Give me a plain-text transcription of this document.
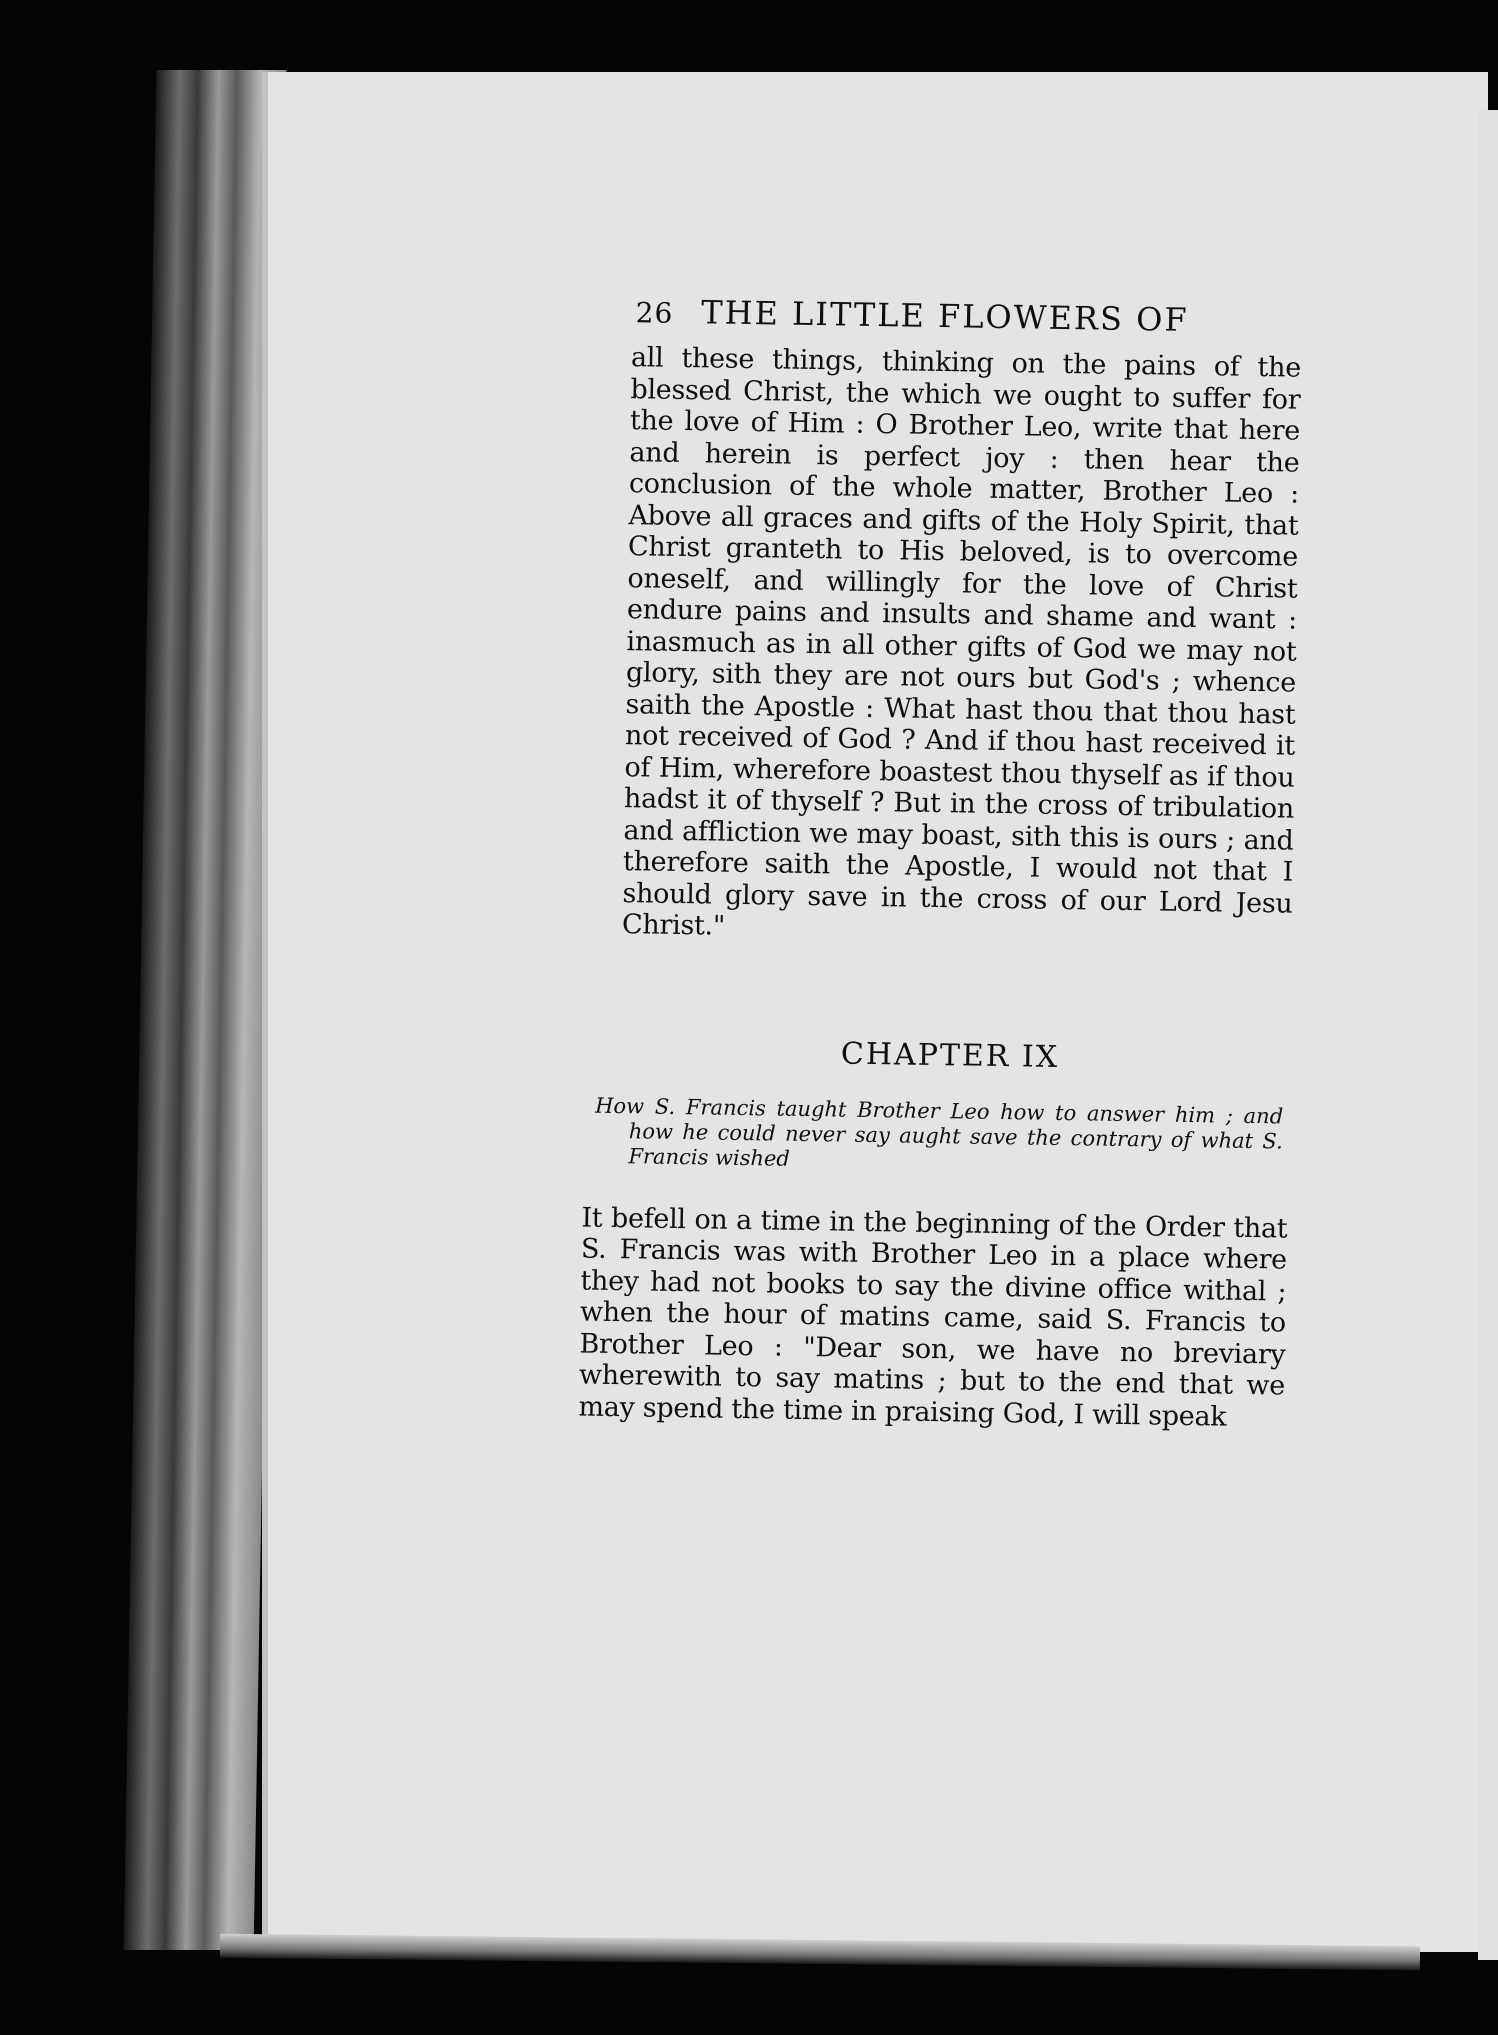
26 THE LITTLE FLOWERS OF

all these things, thinking on the pains of the blessed Christ, the which we ought to suffer for the love of Him : O Brother Leo, write that here and herein is perfect joy : then hear the conclusion of the whole matter, Brother Leo : Above all graces and gifts of the Holy Spirit, that Christ granteth to His beloved, is to overcome oneself, and willingly for the love of Christ endure pains and insults and shame and want : inasmuch as in all other gifts of God we may not glory, sith they are not ours but God's ; whence saith the Apostle : What hast thou that thou hast not received of God ? And if thou hast received it of Him, wherefore boastest thou thyself as if thou hadst it of thyself ? But in the cross of tribulation and affliction we may boast, sith this is ours ; and therefore saith the Apostle, I would not that I should glory save in the cross of our Lord Jesu Christ."

CHAPTER IX
How S. Francis taught Brother Leo how to answer him ; and how he could never say aught save the contrary of what S. Francis wished

It befell on a time in the beginning of the Order that S. Francis was with Brother Leo in a place where they had not books to say the divine office withal ; when the hour of matins came, said S. Francis to Brother Leo : "Dear son, we have no breviary wherewith to say matins ; but to the end that we may spend the time in praising God, I will speak
